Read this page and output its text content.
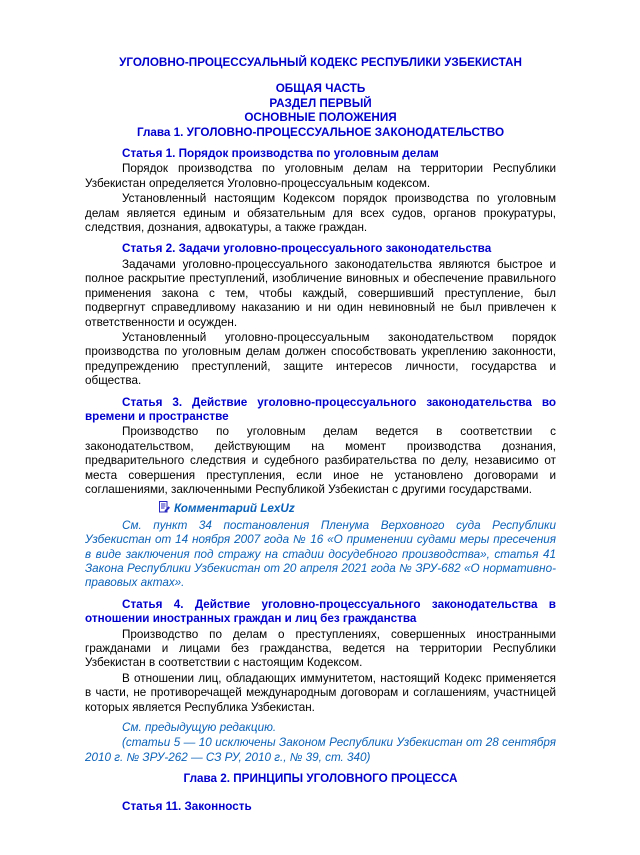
УГОЛОВНО-ПРОЦЕССУАЛЬНЫЙ КОДЕКС РЕСПУБЛИКИ УЗБЕКИСТАН
ОБЩАЯ ЧАСТЬ
РАЗДЕЛ ПЕРВЫЙ
ОСНОВНЫЕ ПОЛОЖЕНИЯ
Глава 1. УГОЛОВНО-ПРОЦЕССУАЛЬНОЕ ЗАКОНОДАТЕЛЬСТВО

Статья 1. Порядок производства по уголовным делам

Порядок производства по уголовным делам на территории Республики Узбекистан определяется Уголовно-процессуальным кодексом.

Установленный настоящим Кодексом порядок производства по уголовным делам является единым и обязательным для всех судов, органов прокуратуры, следствия, дознания, адвокатуры, а также граждан.

Статья 2. Задачи уголовно-процессуального законодательства

Задачами уголовно-процессуального законодательства являются быстрое и полное раскрытие преступлений, изобличение виновных и обеспечение правильного применения закона с тем, чтобы каждый, совершивший преступление, был подвергнут справедливому наказанию и ни один невиновный не был привлечен к ответственности и осужден.

Установленный уголовно-процессуальным законодательством порядок производства по уголовным делам должен способствовать укреплению законности, предупреждению преступлений, защите интересов личности, государства и общества.

Статья 3. Действие уголовно-процессуального законодательства во времени и пространстве

Производство по уголовным делам ведется в соответствии с законодательством, действующим на момент производства дознания, предварительного следствия и судебного разбирательства по делу, независимо от места совершения преступления, если иное не установлено договорами и соглашениями, заключенными Республикой Узбекистан с другими государствами.

Комментарий LexUz

См. пункт 34 постановления Пленума Верховного суда Республики Узбекистан от 14 ноября 2007 года № 16 «О применении судами меры пресечения в виде заключения под стражу на стадии досудебного производства», статья 41 Закона Республики Узбекистан от 20 апреля 2021 года № ЗРУ-682 «О нормативно-правовых актах».

Статья 4. Действие уголовно-процессуального законодательства в отношении иностранных граждан и лиц без гражданства

Производство по делам о преступлениях, совершенных иностранными гражданами и лицами без гражданства, ведется на территории Республики Узбекистан в соответствии с настоящим Кодексом.

В отношении лиц, обладающих иммунитетом, настоящий Кодекс применяется в части, не противоречащей международным договорам и соглашениям, участницей которых является Республика Узбекистан.

См. предыдущую редакцию.

(статьи 5 — 10 исключены Законом Республики Узбекистан от 28 сентября 2010 г. № ЗРУ-262 — СЗ РУ, 2010 г., № 39, ст. 340)

Глава 2. ПРИНЦИПЫ УГОЛОВНОГО ПРОЦЕССА

Статья 11. Законность
